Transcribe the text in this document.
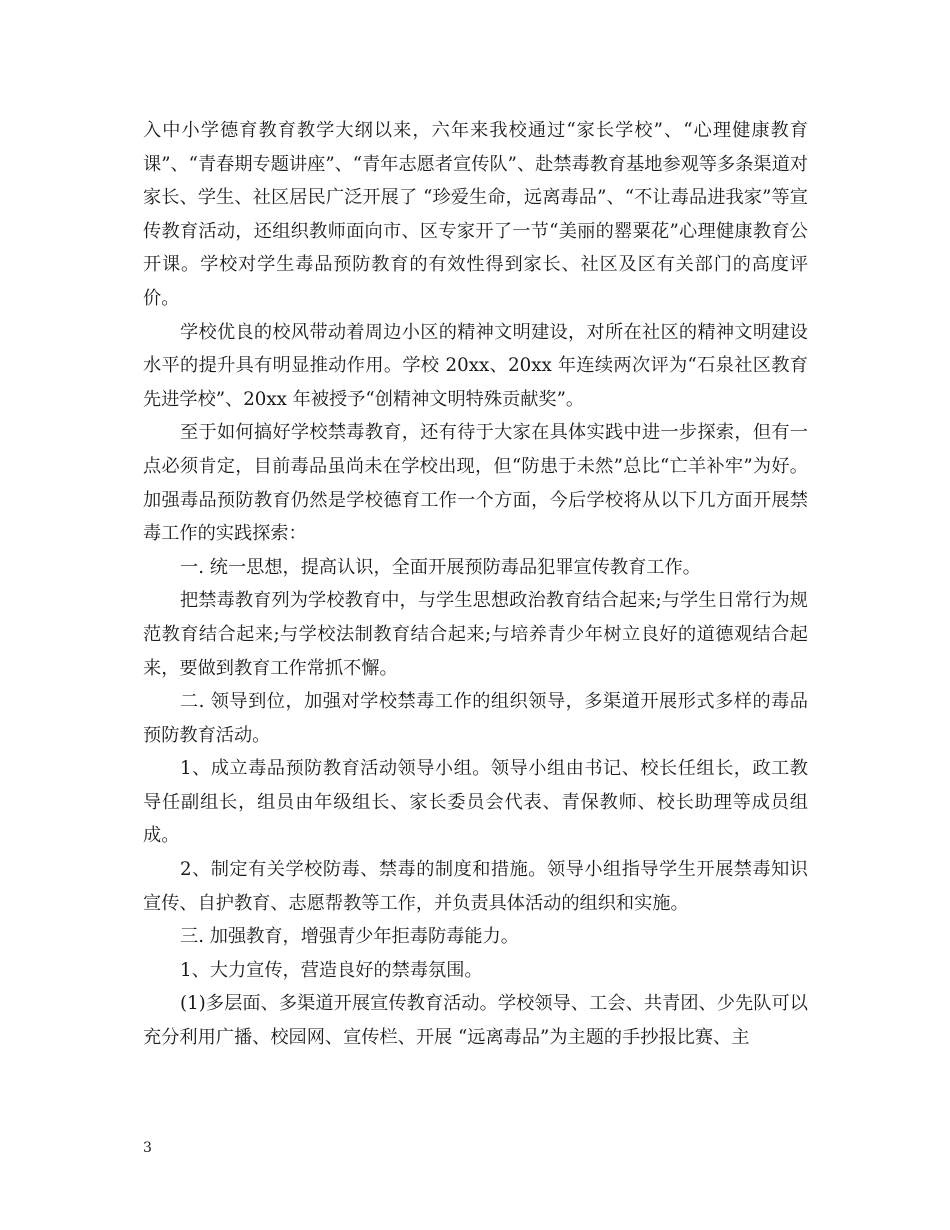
入中小学德育教育教学大纲以来，六年来我校通过“家长学校”、“心理健康教育课”、“青春期专题讲座”、“青年志愿者宣传队”、赴禁毒教育基地参观等多条渠道对家长、学生、社区居民广泛开展了 “珍爱生命，远离毒品”、“不让毒品进我家”等宣传教育活动，还组织教师面向市、区专家开了一节“美丽的罂粟花”心理健康教育公开课。学校对学生毒品预防教育的有效性得到家长、社区及区有关部门的高度评价。

学校优良的校风带动着周边小区的精神文明建设，对所在社区的精神文明建设水平的提升具有明显推动作用。学校 20xx、20xx 年连续两次评为“石泉社区教育先进学校”、20xx 年被授予“创精神文明特殊贡献奖”。

至于如何搞好学校禁毒教育，还有待于大家在具体实践中进一步探索，但有一点必须肯定，目前毒品虽尚未在学校出现，但“防患于未然”总比“亡羊补牢”为好。加强毒品预防教育仍然是学校德育工作一个方面，今后学校将从以下几方面开展禁毒工作的实践探索：

一. 统一思想，提高认识，全面开展预防毒品犯罪宣传教育工作。

把禁毒教育列为学校教育中，与学生思想政治教育结合起来;与学生日常行为规范教育结合起来;与学校法制教育结合起来;与培养青少年树立良好的道德观结合起来，要做到教育工作常抓不懈。

二. 领导到位，加强对学校禁毒工作的组织领导，多渠道开展形式多样的毒品预防教育活动。

1、成立毒品预防教育活动领导小组。领导小组由书记、校长任组长，政工教导任副组长，组员由年级组长、家长委员会代表、青保教师、校长助理等成员组成。

2、制定有关学校防毒、禁毒的制度和措施。领导小组指导学生开展禁毒知识宣传、自护教育、志愿帮教等工作，并负责具体活动的组织和实施。

三. 加强教育，增强青少年拒毒防毒能力。

1、大力宣传，营造良好的禁毒氛围。

(1)多层面、多渠道开展宣传教育活动。学校领导、工会、共青团、少先队可以充分利用广播、校园网、宣传栏、开展 “远离毒品”为主题的手抄报比赛、主

3
